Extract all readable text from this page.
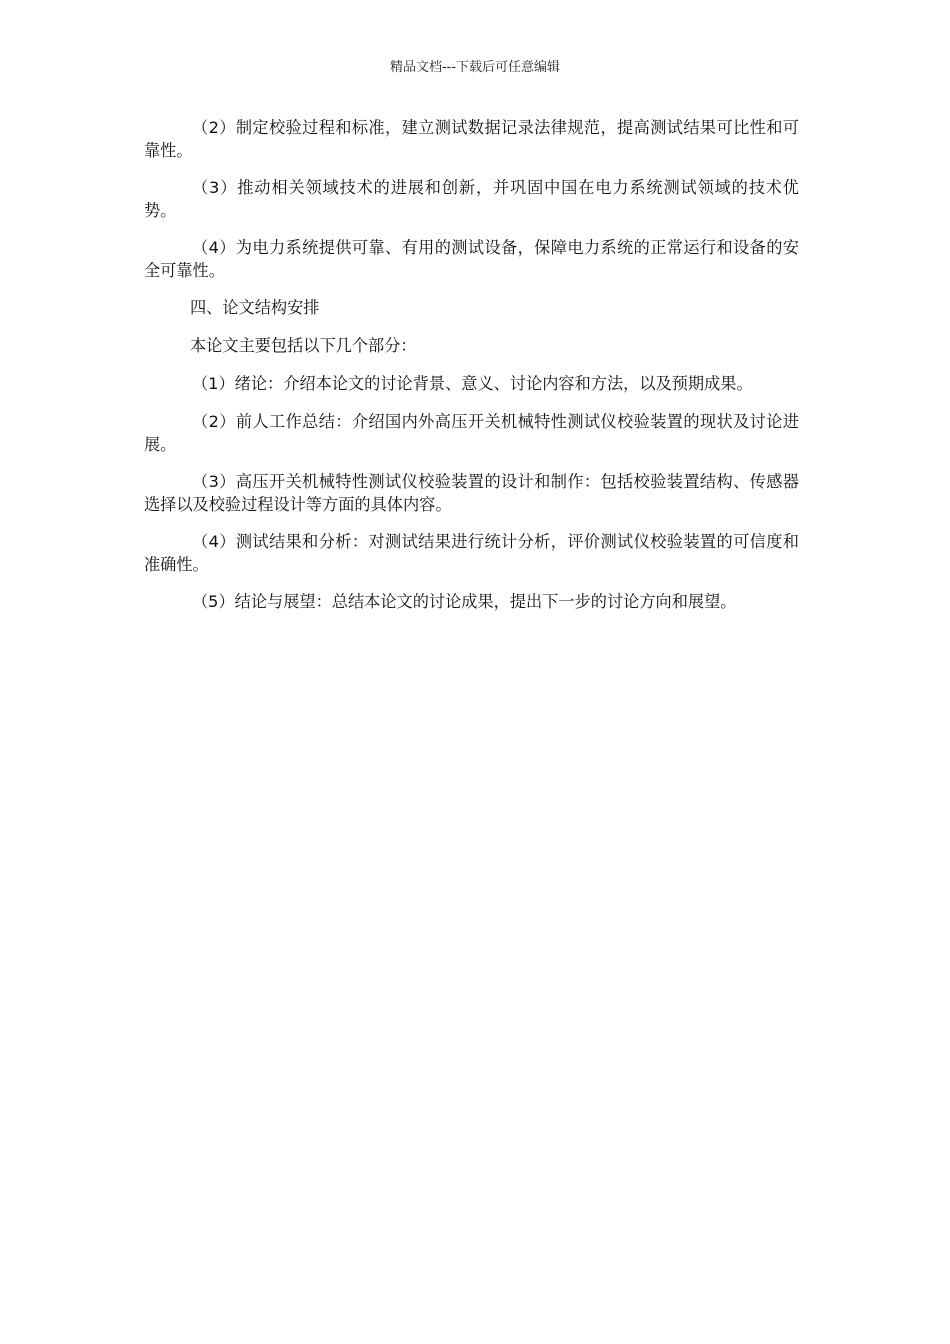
精品文档---下载后可任意编辑

（2）制定校验过程和标准，建立测试数据记录法律规范，提高测试结果可比性和可靠性。

（3）推动相关领域技术的进展和创新，并巩固中国在电力系统测试领域的技术优势。

（4）为电力系统提供可靠、有用的测试设备，保障电力系统的正常运行和设备的安全可靠性。

四、论文结构安排

本论文主要包括以下几个部分：

（1）绪论：介绍本论文的讨论背景、意义、讨论内容和方法，以及预期成果。

（2）前人工作总结：介绍国内外高压开关机械特性测试仪校验装置的现状及讨论进展。

（3）高压开关机械特性测试仪校验装置的设计和制作：包括校验装置结构、传感器选择以及校验过程设计等方面的具体内容。

（4）测试结果和分析：对测试结果进行统计分析，评价测试仪校验装置的可信度和准确性。

（5）结论与展望：总结本论文的讨论成果，提出下一步的讨论方向和展望。
